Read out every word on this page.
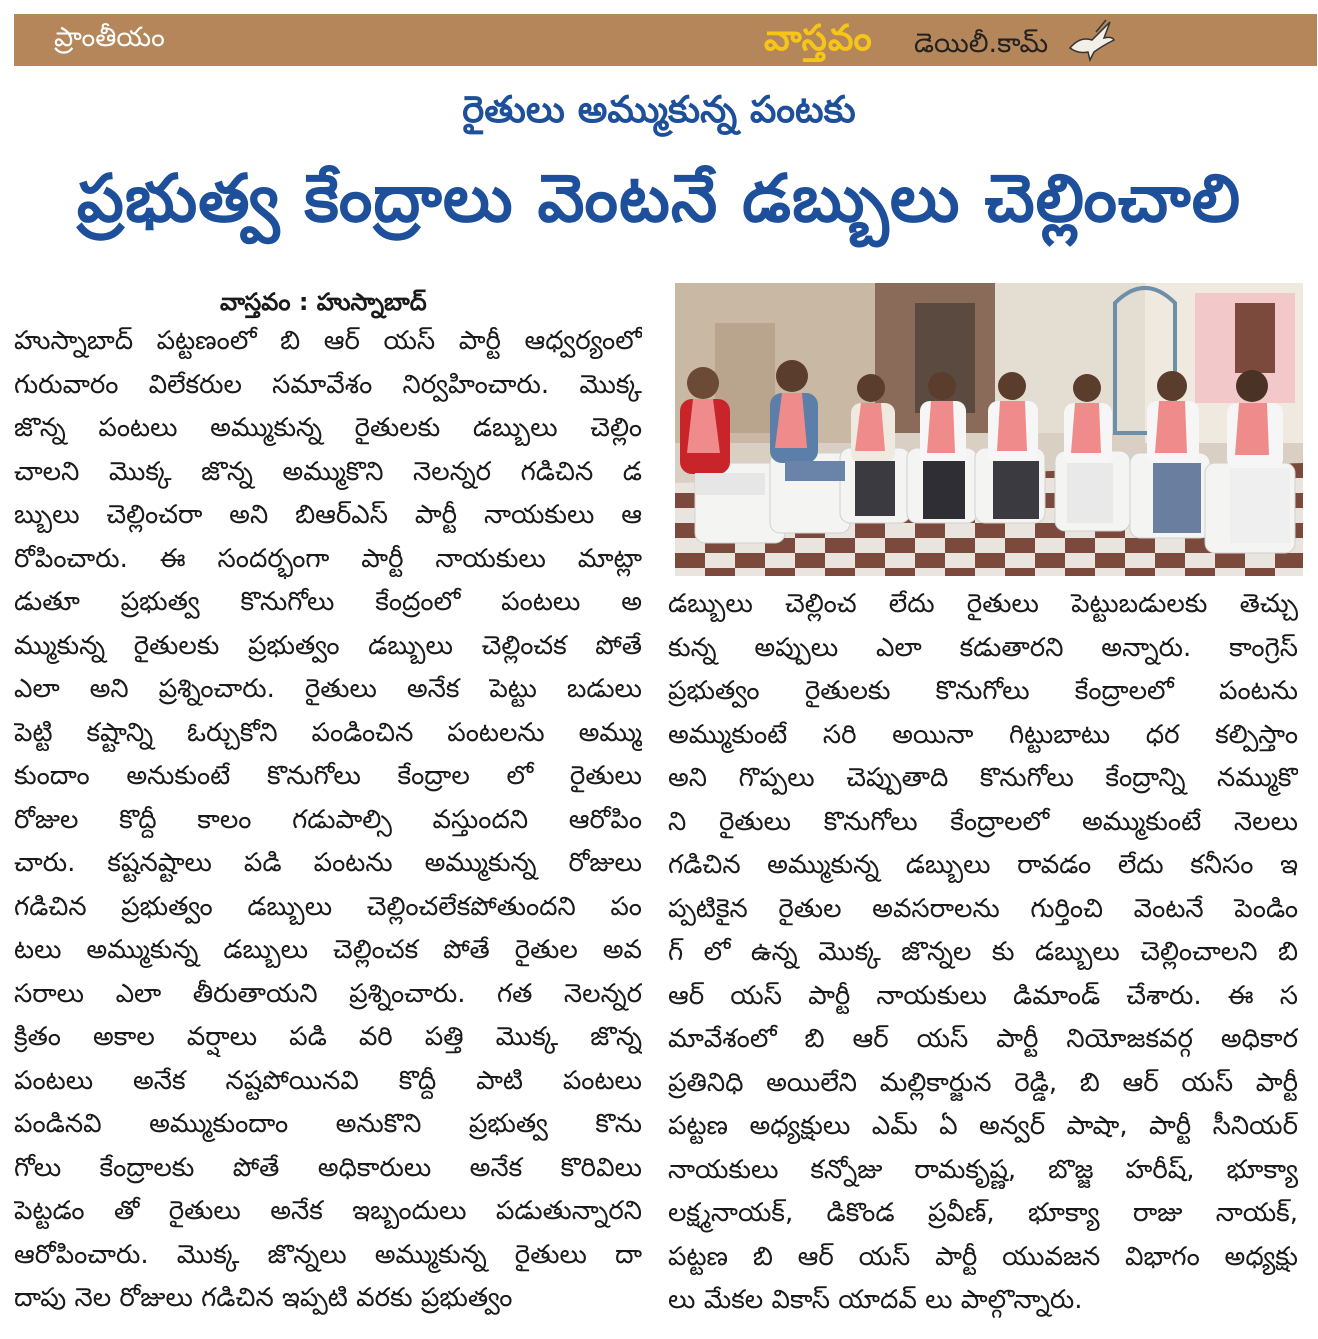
ప్రాంతీయం	వాస్తవం డెయిలీ.కామ్
రైతులు అమ్ముకున్న పంటకు
ప్రభుత్వ కేంద్రాలు వెంటనే డబ్బులు చెల్లించాలి
వాస్తవం : హుస్నాబాద్
హుస్నాబాద్ పట్టణంలో బి ఆర్ యస్ పార్టీ ఆధ్వర్యంలో
గురువారం విలేకరుల సమావేశం నిర్వహించారు. మొక్క
జొన్న పంటలు అమ్ముకున్న రైతులకు డబ్బులు చెల్లిం
చాలని మొక్క జొన్న అమ్ముకొని నెలన్నర గడిచిన డ
బ్బులు చెల్లించరా అని బిఆర్ఎస్ పార్టీ నాయకులు ఆ
రోపించారు. ఈ సందర్భంగా పార్టీ నాయకులు మాట్లా
డుతూ ప్రభుత్వ కొనుగోలు కేంద్రంలో పంటలు అ
మ్ముకున్న రైతులకు ప్రభుత్వం డబ్బులు చెల్లించక పోతే
ఎలా అని ప్రశ్నించారు. రైతులు అనేక పెట్టు బడులు
పెట్టి కష్టాన్ని ఓర్చుకోని పండించిన పంటలను అమ్ము
కుందాం అనుకుంటే కొనుగోలు కేంద్రాల లో రైతులు
రోజుల కొద్దీ కాలం గడుపాల్సి వస్తుందని ఆరోపిం
చారు. కష్టనష్టాలు పడి పంటను అమ్ముకున్న రోజులు
గడిచిన ప్రభుత్వం డబ్బులు చెల్లించలేకపోతుందని పం
టలు అమ్ముకున్న డబ్బులు చెల్లించక పోతే రైతుల అవ
సరాలు ఎలా తీరుతాయని ప్రశ్నించారు. గత నెలన్నర
క్రితం అకాల వర్షాలు పడి వరి పత్తి మొక్క జొన్న
పంటలు అనేక నష్టపోయినవి కొద్దీ పాటి పంటలు
పండినవి అమ్ముకుందాం అనుకొని ప్రభుత్వ కొను
గోలు కేంద్రాలకు పోతే అధికారులు అనేక కొరివిలు
పెట్టడం తో రైతులు అనేక ఇబ్బందులు పడుతున్నారని
ఆరోపించారు. మొక్క జొన్నలు అమ్ముకున్న రైతులు దా
దాపు నెల రోజులు గడిచిన ఇప్పటి వరకు ప్రభుత్వం
డబ్బులు చెల్లించ లేదు రైతులు పెట్టుబడులకు తెచ్చు
కున్న అప్పులు ఎలా కడుతారని అన్నారు. కాంగ్రెస్
ప్రభుత్వం రైతులకు కొనుగోలు కేంద్రాలలో పంటను
అమ్ముకుంటే సరి అయినా గిట్టుబాటు ధర కల్పిస్తాం
అని గొప్పలు చెప్పుతాది కొనుగోలు కేంద్రాన్ని నమ్ముకొ
ని రైతులు కొనుగోలు కేంద్రాలలో అమ్ముకుంటే నెలలు
గడిచిన అమ్ముకున్న డబ్బులు రావడం లేదు కనీసం ఇ
ప్పటికైన రైతుల అవసరాలను గుర్తించి వెంటనే పెండిం
గ్ లో ఉన్న మొక్క జొన్నల కు డబ్బులు చెల్లించాలని బి
ఆర్ యస్ పార్టీ నాయకులు డిమాండ్ చేశారు. ఈ స
మావేశంలో బి ఆర్ యస్ పార్టీ నియోజకవర్గ అధికార
ప్రతినిధి అయిలేని మల్లికార్జున రెడ్డి, బి ఆర్ యస్ పార్టీ
పట్టణ అధ్యక్షులు ఎమ్ ఏ అన్వర్ పాషా, పార్టీ సీనియర్
నాయకులు కన్నోజు రామకృష్ణ, బొజ్జ హరీష్, భూక్యా
లక్ష్మనాయక్, డికొండ ప్రవీణ్, భూక్యా రాజు నాయక్,
పట్టణ బి ఆర్ యస్ పార్టీ యువజన విభాగం అధ్యక్షు
లు మేకల వికాస్ యాదవ్ లు పాల్గొన్నారు.
